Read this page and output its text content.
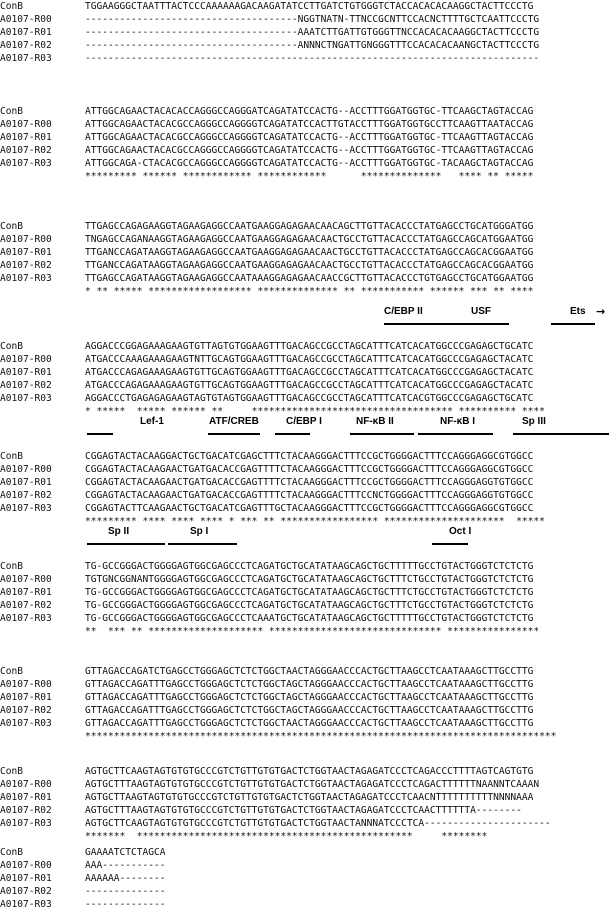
ConB	TGGAAGGGCTAATTTACTCCCAAAAAAGACAAGATATCCTTGATCTGTGGGTCTACCACACACAAGGCTACTTCCCTG
A0107-R00	-------------------------------------NGGTNATN-TTNCCGCNTTCCACNCTTTTGCTCAATTCCCTG
A0107-R01	-------------------------------------AAATCTTGATTGTGGGTTNCCACACACAAGGCTACTTCCCTG
A0107-R02	-------------------------------------ANNNCTNGATTGNGGGTTTCCACACACAANGCTACTTCCCTG
A0107-R03	-------------------------------------------------------------------------------
ConB	ATTGGCAGAACTACACACCAGGGCCAGGGATCAGATATCCACTG--ACCTTTGGATGGTGC-TTCAAGCTAGTACCAG
A0107-R00	ATTGGCAGAACTACACGCCAGGGCCAGGGGTCAGATATCCACTTGTACCTTTGGATGGTGCCTTCAAGTTAATACCAG
A0107-R01	ATTGGCAGAACTACACGCCAGGGCCAGGGGTCAGATATCCACTG--ACCTTTGGATGGTGC-TTCAAGTTAGTACCAG
A0107-R02	ATTGGCAGAACTACACGCCAGGGCCAGGGGTCAGATATCCACTG--ACCTTTGGATGGTGC-TTCAAGTTAGTACCAG
A0107-R03	ATTGGCAGA-CTACACGCCAGGGCCAGGGGTCAGATATCCACTG--ACCTTTGGATGGTGC-TACAAGCTAGTACCAG
********* ****** ************ ************      **************   **** ** *****
ConB	TTGAGCCAGAGAAGGTAGAAGAGGCCAATGAAGGAGAGAACAACAGCTTGTTACACCCTATGAGCCTGCATGGGATGG
A0107-R00	TNGAGCCAGANAAGGTAGAAGAGGCCAATGAAGGAGAGAACAACTGCCTGTTACACCCTATGAGCCAGCATGGAATGG
A0107-R01	TTGANCCAGATAAGGTAGAAGAGGCCAATGAAGGAGAGAACAACTGCCTGTTACACCCTATGAGCCAGCACGGAATGG
A0107-R02	TTGANCCAGATAAGGTAGAAGAGGCCAATGAAGGAGAGAACAACTGCCTGTTACACCCTATGAGCCAGCACGGAATGG
A0107-R03	TTGAGCCAGATAAGGTAGAAGAGGCCAATAAAGGAGAGAACAACCGCTTGTTACACCCTGTGAGCCTGCATGGAATGG
* ** ***** ****************** ************** ** *********** ****** *** ** ****
ConB	AGGACCCGGAGAAAGAAGTGTTAGTGTGGAAGTTTGACAGCCGCCTAGCATTTCATCACATGGCCCGAGAGCTGCATC
A0107-R00	ATGACCCAAAGAAAGAAGTNTTGCAGTGGAAGTTTGACAGCCGCCTAGCATTTCATCACATGGCCCGAGAGCTACATC
A0107-R01	ATGACCCAGAGAAAGAAGTGTTGCAGTGGAAGTTTGACAGCCGCCTAGCATTTCATCACATGGCCCGAGAGCTACATC
A0107-R02	ATGACCCAGAGAAAGAAGTGTTGCAGTGGAAGTTTGACAGCCGCCTAGCATTTCATCACATGGCCCGAGAGCTACATC
A0107-R03	AGGACCCTGAGAGAGAAGTAGTGTAGTGGAAGTTTGACAGCCGCCTAGCATTTCATCACGTGGCCCGAGAGCTGCATC
* *****  ***** ****** **     *********************************** ********** ****
ConB	CGGAGTACTACAAGGACTGCTGACATCGAGCTTTCTACAAGGGACTTTCCGCTGGGGACTTTCCAGGGAGGCGTGGCC
A0107-R00	CGGAGTACTACAAGAACTGATGACACCGAGTTTTCTACAAGGGACTTTCCGCTGGGGACTTTCCAGGGAGGCGTGGCC
A0107-R01	CGGAGTACTACAAGAACTGATGACACCGAGTTTTCTACAAGGGACTTTCCGCTGGGGACTTTCCAGGGAGGTGTGGCC
A0107-R02	CGGAGTACTACAAGAACTGATGACACCGAGTTTTCTACAAGGGACTTTCCNCTGGGGACTTTCCAGGGAGGTGTGGCC
A0107-R03	CGGAGTACTTCAAGAACTGCTGACATCGAGTTTGCTACAAGGGACTTTCCGCTGGGGACTTTCCAGGGAGGCGTGGCC
********* **** **** **** * *** ** ***************** *********************  *****
ConB	TG-GCCGGGACTGGGGAGTGGCGAGCCCTCAGATGCTGCATATAAGCAGCTGCTTTTTGCCTGTACTGGGTCTCTCTG
A0107-R00	TGTGNCGGNANTGGGGAGTGGCGAGCCCTCAGATGCTGCATATAAGCAGCTGCTTTCTGCCTGTACTGGGTCTCTCTG
A0107-R01	TG-GCCGGGACTGGGGAGTGGCGAGCCCTCAGATGCTGCATATAAGCAGCTGCTTTCTGCCTGTACTGGGTCTCTCTG
A0107-R02	TG-GCCGGGACTGGGGAGTGGCGAGCCCTCAGATGCTGCATATAAGCAGCTGCTTTCTGCCTGTACTGGGTCTCTCTG
A0107-R03	TG-GCCGGGACTGGGGAGTGGCGAGCCCTCAAATGCTGCATATAAGCAGCTGCTTTTTGCCTGTACTGGGTCTCTCTG
**  *** ** ******************** ****************************** ****************
ConB	GTTAGACCAGATCTGAGCCTGGGAGCTCTCTGGCTAACTAGGGAACCCACTGCTTAAGCCTCAATAAAGCTTGCCTTG
A0107-R00	GTTAGACCAGATTTGAGCCTGGGAGCTCTCTGGCTAGCTAGGGAACCCACTGCTTAAGCCTCAATAAAGCTTGCCTTG
A0107-R01	GTTAGACCAGATTTGAGCCTGGGAGCTCTCTGGCTAGCTAGGGAACCCACTGCTTAAGCCTCAATAAAGCTTGCCTTG
A0107-R02	GTTAGACCAGATTTGAGCCTGGGAGCTCTCTGGCTAGCTAGGGAACCCACTGCTTAAGCCTCAATAAAGCTTGCCTTG
A0107-R03	GTTAGACCAGATTTGAGCCTGGGAGCTCTCTGGCTAACTAGGGAACCCACTGCTTAAGCCTCAATAAAGCTTGCCTTG
**********************************************************************************
ConB	AGTGCTTCAAGTAGTGTGTGCCCGTCTGTTGTGTGACTCTGGTAACTAGAGATCCCTCAGACCCTTTTAGTCAGTGTG
A0107-R00	AGTGCTTTAAGTAGTGTGTGCCCGTCTGTTGTGTGACTCTGGTAACTAGAGATCCCTCAGACTTTTTTNAANNTCAAAN
A0107-R01	AGTGCTTAAGTAGTGTGTGCCCGTCTGTTGTGTGACTCTGGTAACTAGAGATCCCTCAACNTTTTTTTTTTNNNNAAA
A0107-R02	AGTGCTTTAAGTAGTGTGTGCCCGTCTGTTGTGTGACTCTGGTAACTAGAGATCCCTCAACTTTTTTA--------
A0107-R03	AGTGCTTCAAGTAGTGTGTGCCCGTCTGTTGTGTGACTCTGGTAACTANNNATCCCTCA----------------------
*******  ************************************************     ********
ConB	GAAAATCTCTAGCA
A0107-R00	AAA-----------
A0107-R01	AAAAAA--------
A0107-R02	--------------
A0107-R03	--------------
C/EBP II	USF	Ets →
Lef-1	ATF/CREB	C/EBP I	NF-κB II	NF-κB I	Sp III
Sp II	Sp I	Oct I
